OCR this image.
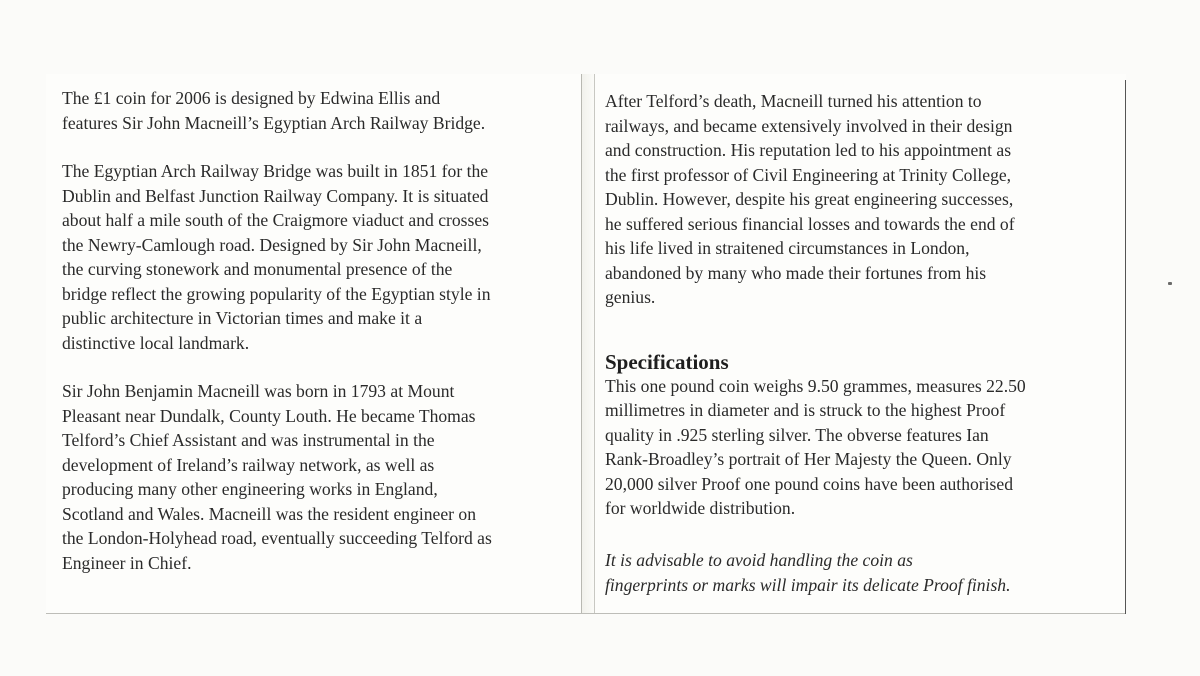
The £1 coin for 2006 is designed by Edwina Ellis and
features Sir John Macneill’s Egyptian Arch Railway Bridge.

The Egyptian Arch Railway Bridge was built in 1851 for the
Dublin and Belfast Junction Railway Company. It is situated
about half a mile south of the Craigmore viaduct and crosses
the Newry-Camlough road. Designed by Sir John Macneill,
the curving stonework and monumental presence of the
bridge reflect the growing popularity of the Egyptian style in
public architecture in Victorian times and make it a
distinctive local landmark.

Sir John Benjamin Macneill was born in 1793 at Mount
Pleasant near Dundalk, County Louth. He became Thomas
Telford’s Chief Assistant and was instrumental in the
development of Ireland’s railway network, as well as
producing many other engineering works in England,
Scotland and Wales. Macneill was the resident engineer on
the London-Holyhead road, eventually succeeding Telford as
Engineer in Chief.

After Telford’s death, Macneill turned his attention to
railways, and became extensively involved in their design
and construction. His reputation led to his appointment as
the first professor of Civil Engineering at Trinity College,
Dublin. However, despite his great engineering successes,
he suffered serious financial losses and towards the end of
his life lived in straitened circumstances in London,
abandoned by many who made their fortunes from his
genius.

Specifications

This one pound coin weighs 9.50 grammes, measures 22.50
millimetres in diameter and is struck to the highest Proof
quality in .925 sterling silver. The obverse features Ian
Rank-Broadley’s portrait of Her Majesty the Queen. Only
20,000 silver Proof one pound coins have been authorised
for worldwide distribution.

It is advisable to avoid handling the coin as
fingerprints or marks will impair its delicate Proof finish.
